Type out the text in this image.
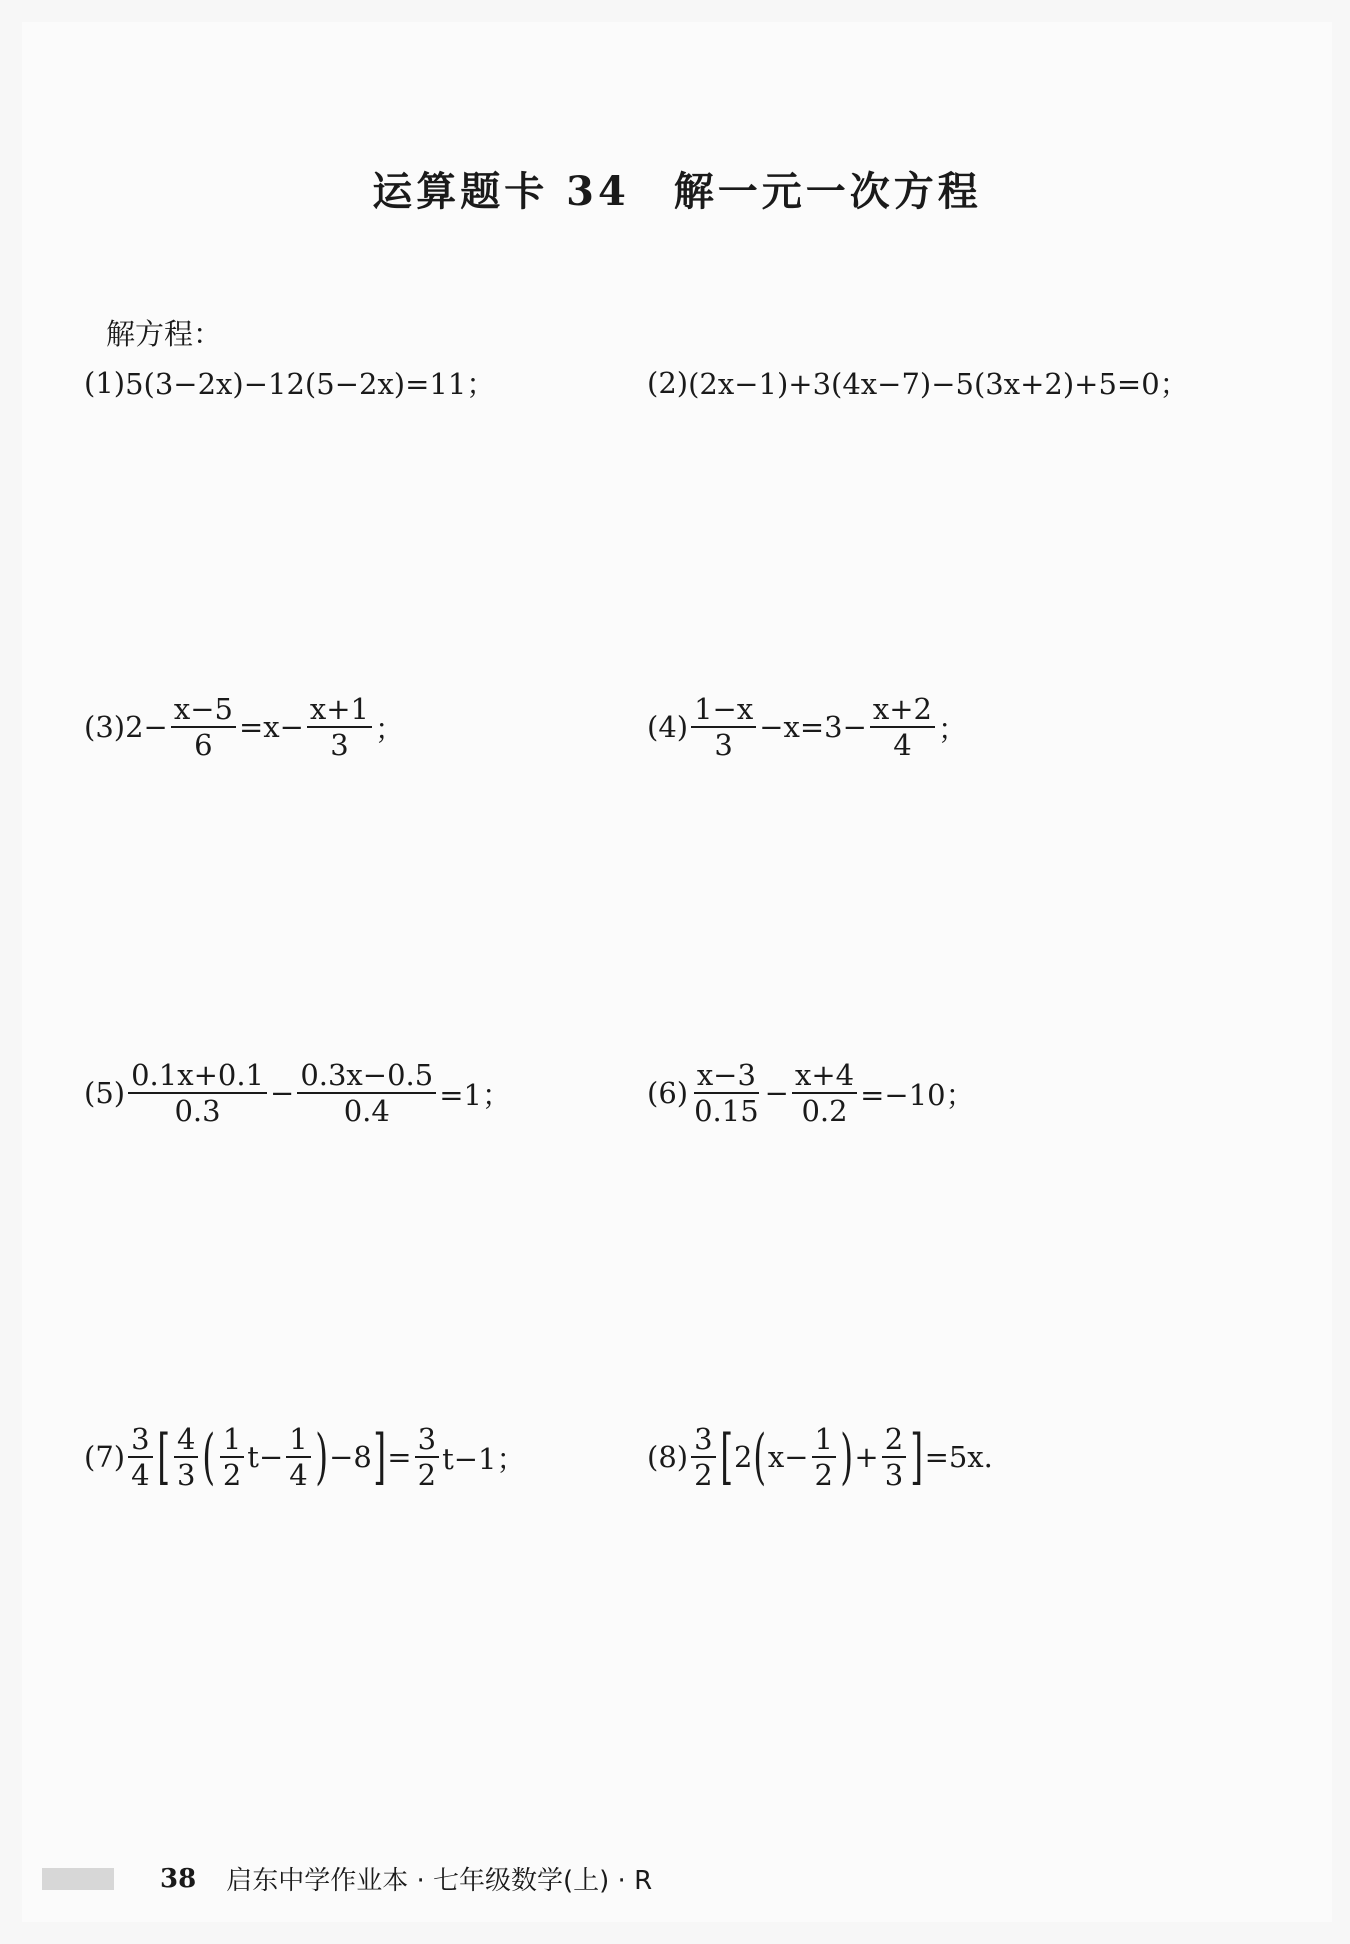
运算题卡 34　解一元一次方程
解方程：
(1) 5(3−2x)−12(5−2x)=11；	(2) (2x−1)+3(4x−7)−5(3x+2)+5=0；
(3) $2- \frac{x-5}{6} =x- \frac{x+1}{3}$ ；	$(4) \frac{1-x}{3} -x=3- \frac{x+2}{4}$ ；
$(5) \frac{0.1x+0.1}{0.3} - \frac{0.3x-0.5}{0.4} =1$；	$(6) \frac{x-3}{0.15} - \frac{x+4}{0.2} =-10$；
$(7) \frac{3}{4}$ [ $\frac{4}{3}$ ( $\frac{1}{2} t- \frac{1}{4}$ ) −8 ] = $\frac{3}{2} t-1$；	$(8) \frac{3}{2}$ [ 2 ( $x- \frac{1}{2}$ ) + $\frac{2}{3}$ ] =5x.
38 启东中学作业本 · 七年级数学(上) · R
